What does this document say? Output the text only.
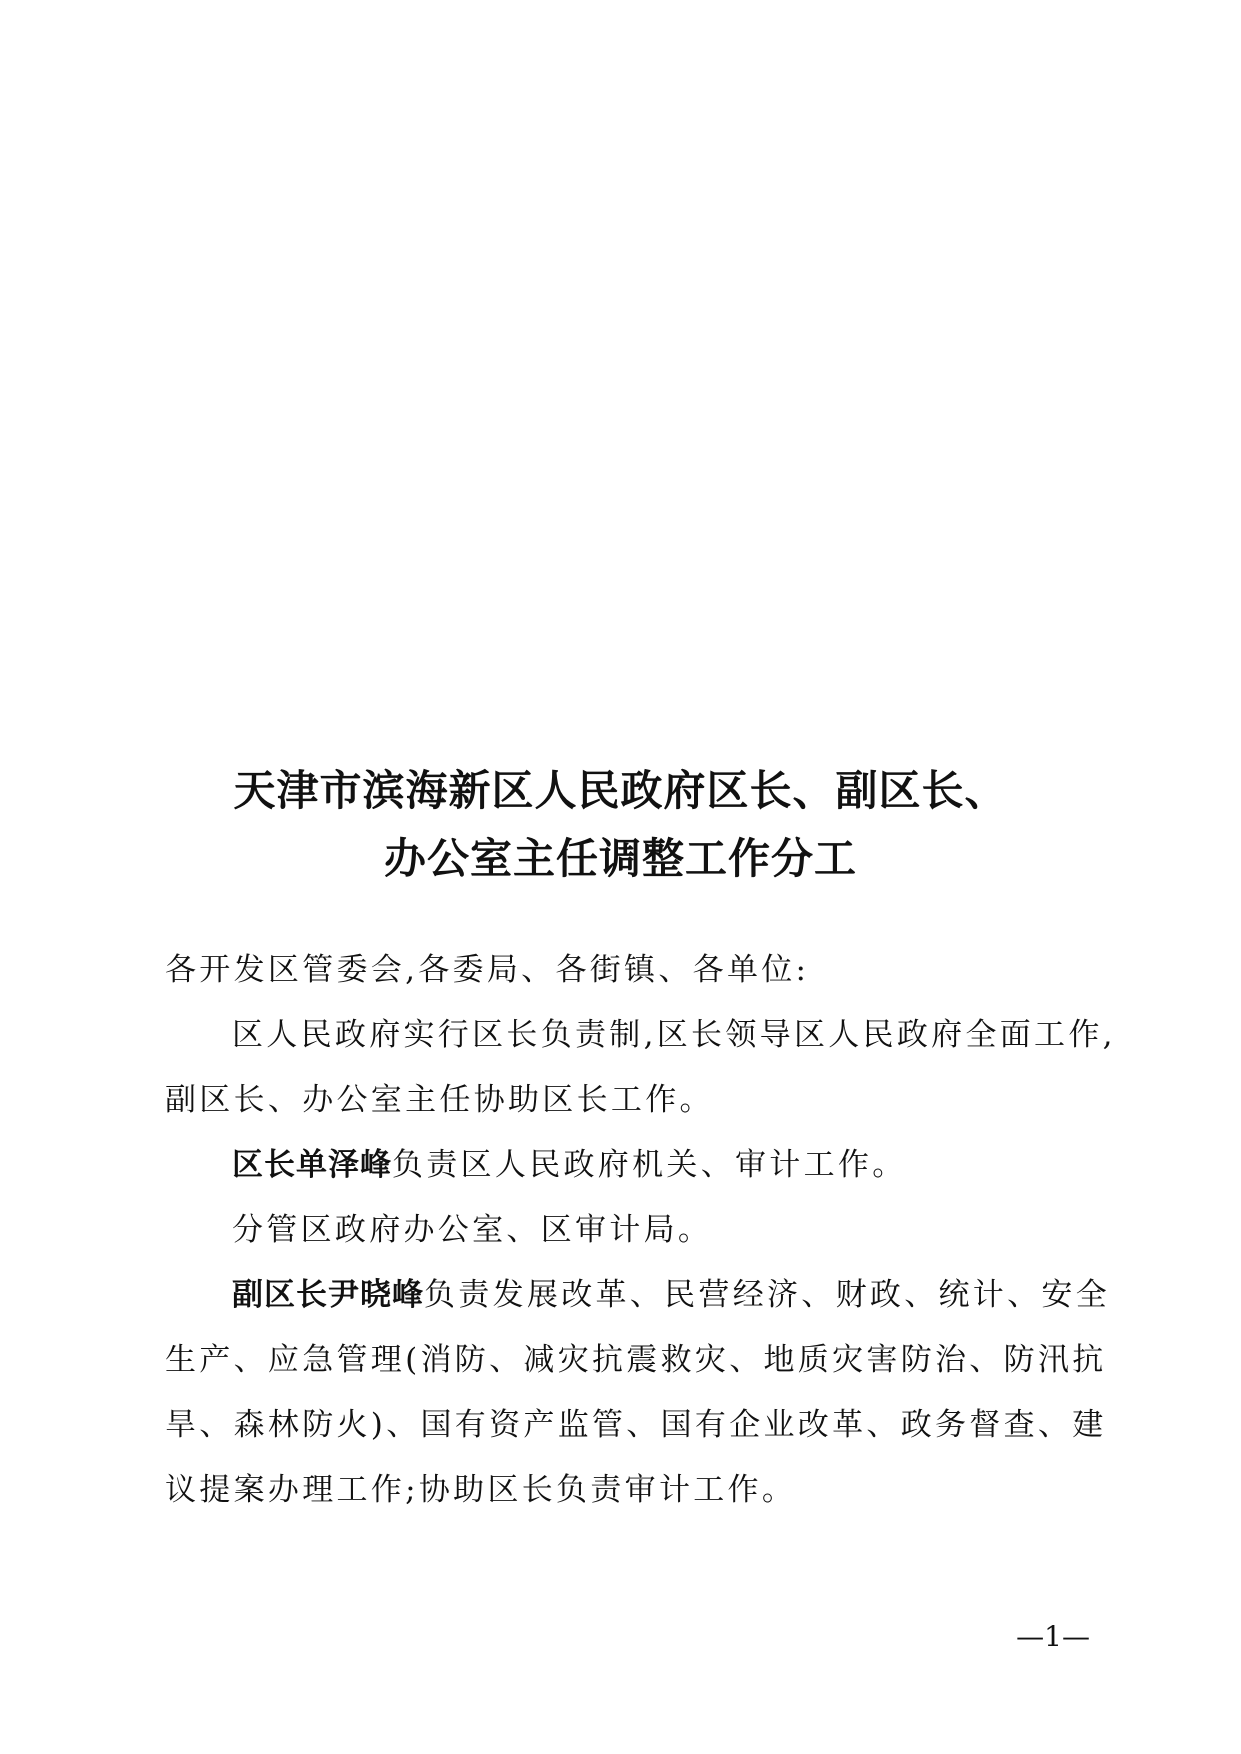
天津市滨海新区人民政府区长、副区长、
办公室主任调整工作分工
各开发区管委会,各委局、各街镇、各单位:
区人民政府实行区长负责制,区长领导区人民政府全面工作,
副区长、办公室主任协助区长工作。
区长单泽峰负责区人民政府机关、审计工作。
分管区政府办公室、区审计局。
副区长尹晓峰负责发展改革、民营经济、财政、统计、安全
生产、应急管理(消防、减灾抗震救灾、地质灾害防治、防汛抗
旱、森林防火)、国有资产监管、国有企业改革、政务督查、建
议提案办理工作;协助区长负责审计工作。
—1—
